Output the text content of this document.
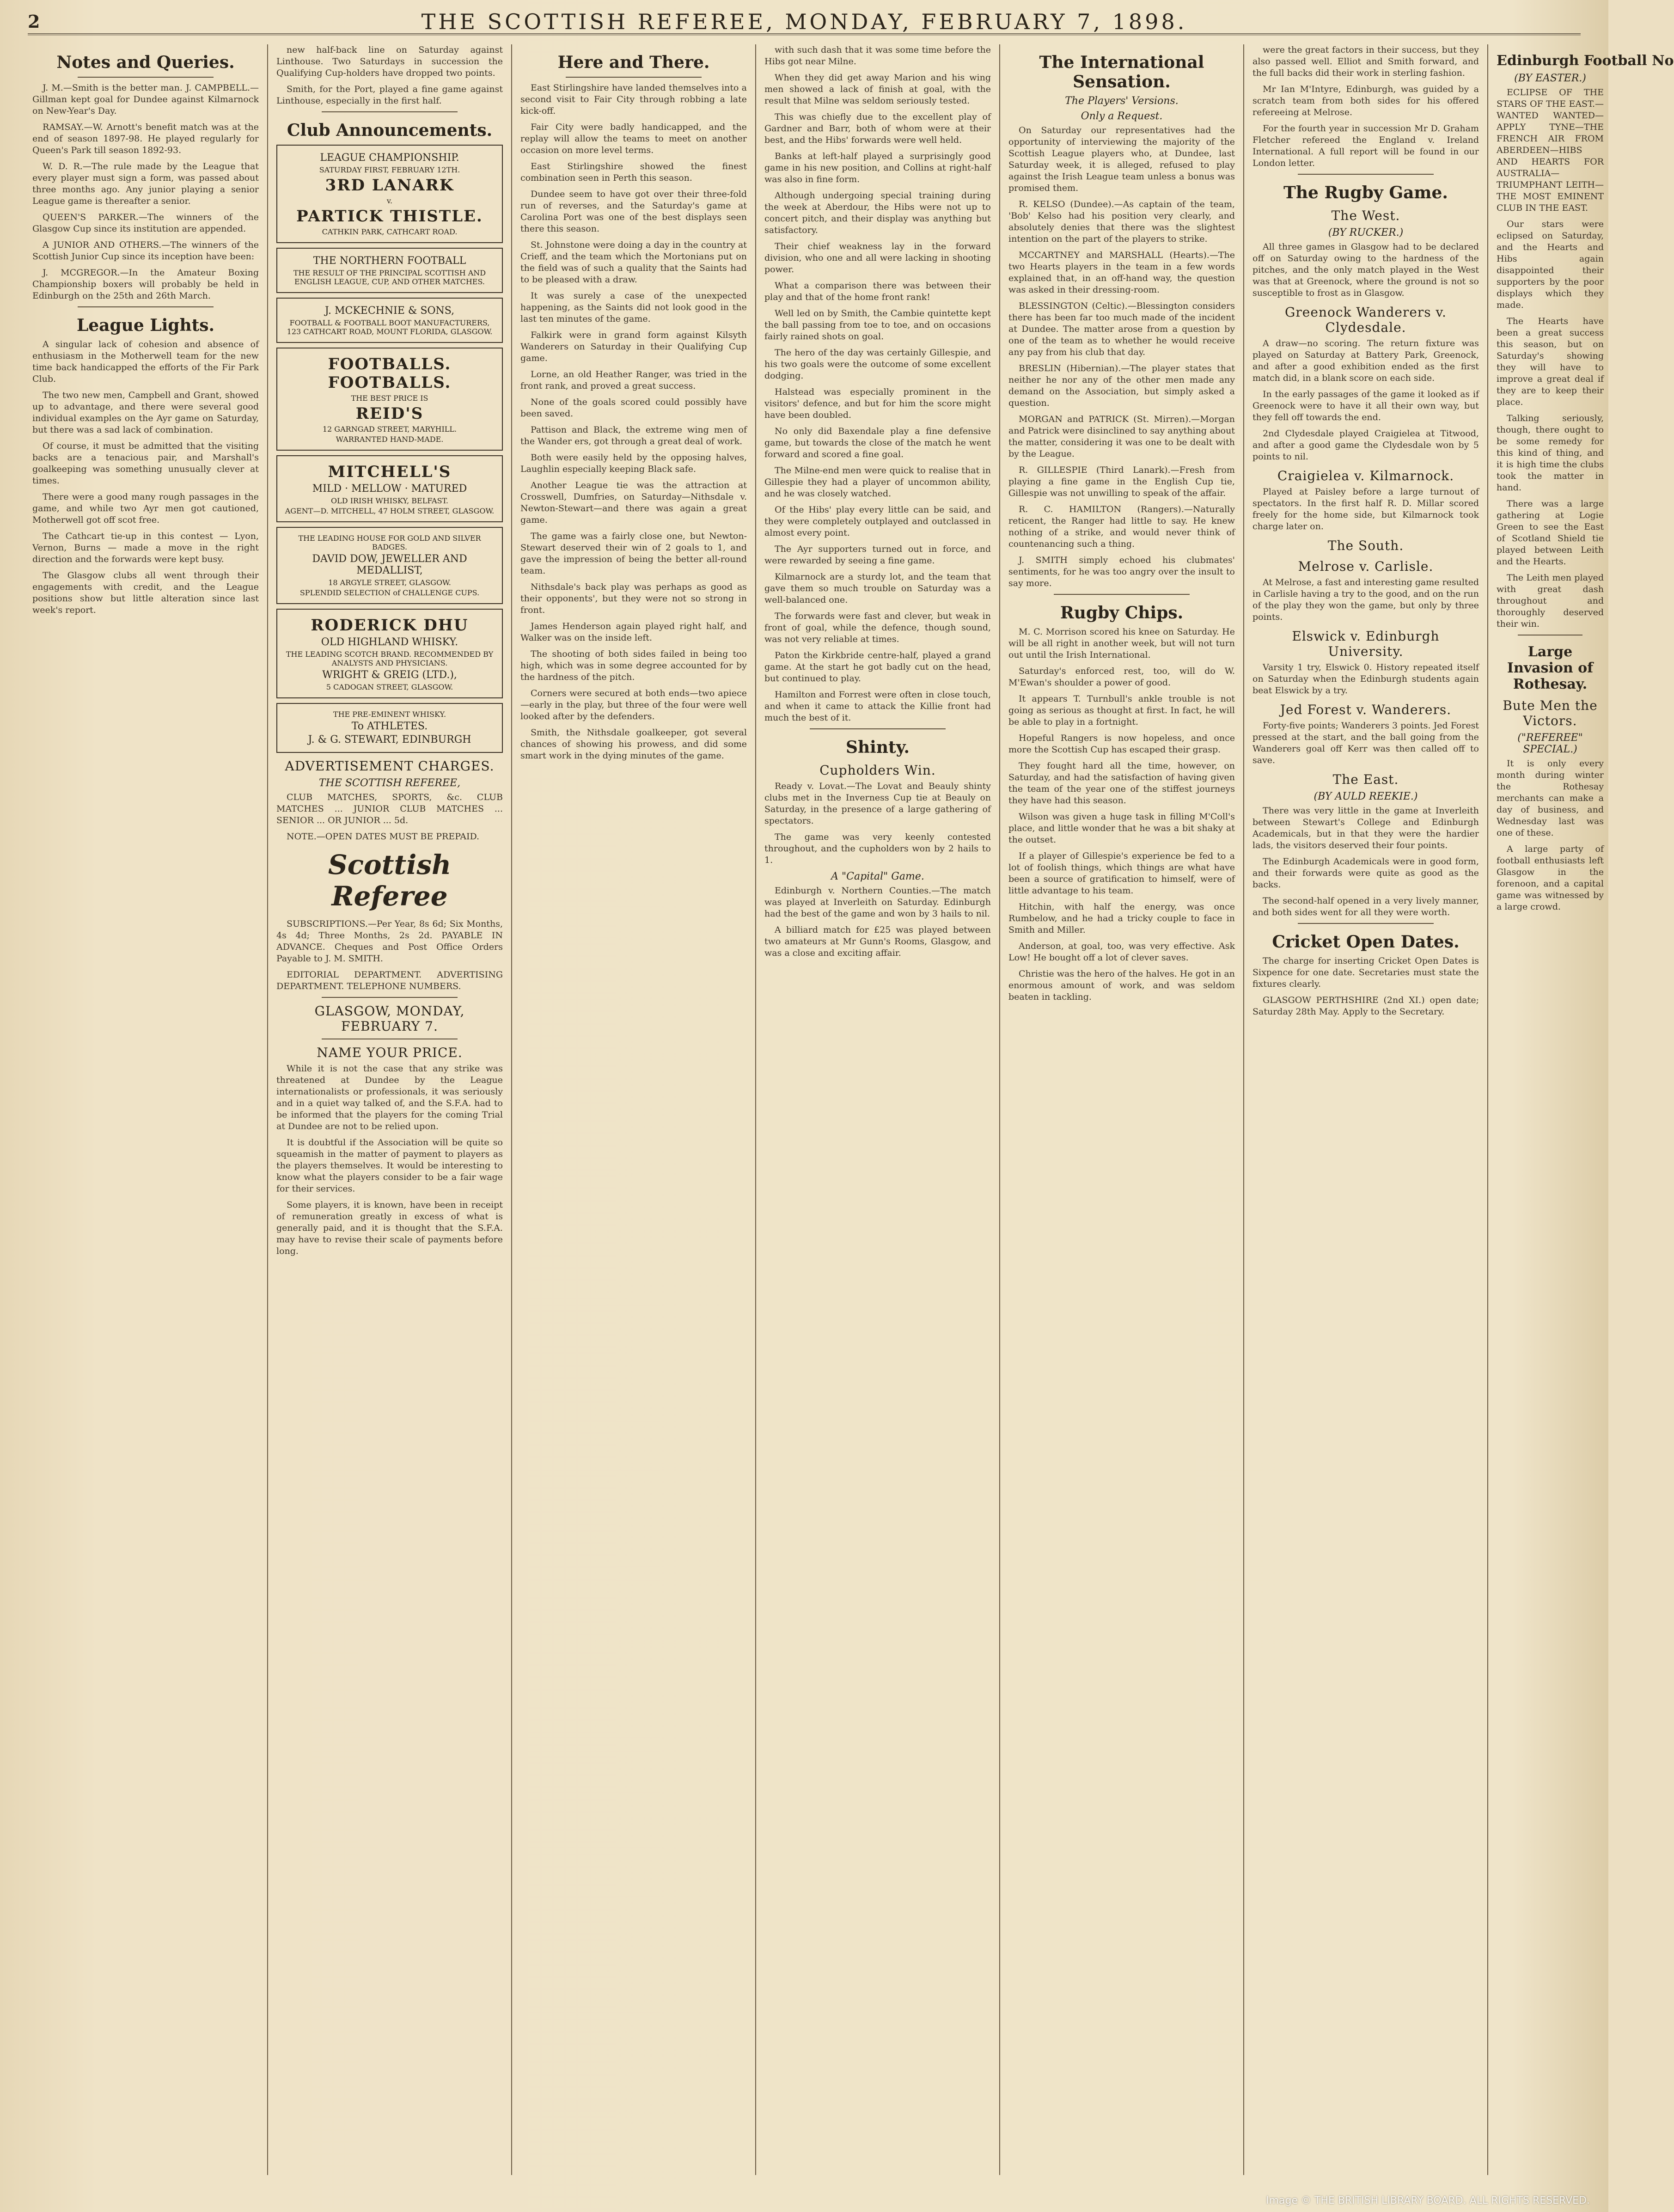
2	THE SCOTTISH REFEREE, MONDAY, FEBRUARY 7, 1898.
Notes and Queries.

J. M.—Smith is the better man. J. CAMPBELL.—Gillman kept goal for Dundee against Kilmarnock on New-Year's Day.

RAMSAY.—W. Arnott's benefit match was at the end of season 1897-98. He played regularly for Queen's Park till season 1892-93.

W. D. R.—The rule made by the League that every player must sign a form, was passed about three months ago. Any junior playing a senior League game is thereafter a senior.

QUEEN'S PARKER.—The winners of the Glasgow Cup since its institution are appended.

A JUNIOR AND OTHERS.—The winners of the Scottish Junior Cup since its inception have been:

J. MCGREGOR.—In the Amateur Boxing Championship boxers will probably be held in Edinburgh on the 25th and 26th March.

League Lights.

A singular lack of cohesion and absence of enthusiasm in the Motherwell team for the new time back handicapped the efforts of the Fir Park Club.

The two new men, Campbell and Grant, showed up to advantage, and there were several good individual examples on the Ayr game on Saturday, but there was a sad lack of combination.

Of course, it must be admitted that the visiting backs are a tenacious pair, and Marshall's goalkeeping was something unusually clever at times.

There were a good many rough passages in the game, and while two Ayr men got cautioned, Motherwell got off scot free.

The Cathcart tie-up in this contest — Lyon, Vernon, Burns — made a move in the right direction and the forwards were kept busy.

The Glasgow clubs all went through their engagements with credit, and the League positions show but little alteration since last week's report.

new half-back line on Saturday against Linthouse. Two Saturdays in succession the Qualifying Cup-holders have dropped two points.

Smith, for the Port, played a fine game against Linthouse, especially in the first half.

Club Announcements.
LEAGUE CHAMPIONSHIP.
SATURDAY FIRST, FEBRUARY 12TH.
3RD LANARK
v.
PARTICK THISTLE.
CATHKIN PARK, CATHCART ROAD.
THE NORTHERN FOOTBALL
THE RESULT OF THE PRINCIPAL SCOTTISH AND ENGLISH LEAGUE, CUP, AND OTHER MATCHES.
J. MCKECHNIE & SONS,
FOOTBALL & FOOTBALL BOOT MANUFACTURERS, 123 CATHCART ROAD, MOUNT FLORIDA, GLASGOW.
FOOTBALLS. FOOTBALLS.
THE BEST PRICE IS
REID'S
12 GARNGAD STREET, MARYHILL.
WARRANTED HAND-MADE.
MITCHELL'S
MILD · MELLOW · MATURED
OLD IRISH WHISKY, BELFAST.
AGENT—D. MITCHELL, 47 HOLM STREET, GLASGOW.
THE LEADING HOUSE FOR GOLD AND SILVER BADGES.
DAVID DOW, JEWELLER AND MEDALLIST,
18 ARGYLE STREET, GLASGOW.
SPLENDID SELECTION of CHALLENGE CUPS.
RODERICK DHU
OLD HIGHLAND WHISKY.
THE LEADING SCOTCH BRAND. RECOMMENDED BY ANALYSTS AND PHYSICIANS.
WRIGHT & GREIG (LTD.),
5 CADOGAN STREET, GLASGOW.
THE PRE-EMINENT WHISKY.
To ATHLETES.
J. & G. STEWART, EDINBURGH
ADVERTISEMENT CHARGES.
THE SCOTTISH REFEREE,

CLUB MATCHES, SPORTS, &c. CLUB MATCHES ... JUNIOR CLUB MATCHES ... SENIOR ... OR JUNIOR ... 5d.

NOTE.—OPEN DATES MUST BE PREPAID.

Scottish Referee

SUBSCRIPTIONS.—Per Year, 8s 6d; Six Months, 4s 4d; Three Months, 2s 2d. PAYABLE IN ADVANCE. Cheques and Post Office Orders Payable to J. M. SMITH.

EDITORIAL DEPARTMENT. ADVERTISING DEPARTMENT. TELEPHONE NUMBERS.

GLASGOW, MONDAY, FEBRUARY 7.
NAME YOUR PRICE.

While it is not the case that any strike was threatened at Dundee by the League internationalists or professionals, it was seriously and in a quiet way talked of, and the S.F.A. had to be informed that the players for the coming Trial at Dundee are not to be relied upon.

It is doubtful if the Association will be quite so squeamish in the matter of payment to players as the players themselves. It would be interesting to know what the players consider to be a fair wage for their services.

Some players, it is known, have been in receipt of remuneration greatly in excess of what is generally paid, and it is thought that the S.F.A. may have to revise their scale of payments before long.

Here and There.

East Stirlingshire have landed themselves into a second visit to Fair City through robbing a late kick-off.

Fair City were badly handicapped, and the replay will allow the teams to meet on another occasion on more level terms.

East Stirlingshire showed the finest combination seen in Perth this season.

Dundee seem to have got over their three-fold run of reverses, and the Saturday's game at Carolina Port was one of the best displays seen there this season.

St. Johnstone were doing a day in the country at Crieff, and the team which the Mortonians put on the field was of such a quality that the Saints had to be pleased with a draw.

It was surely a case of the unexpected happening, as the Saints did not look good in the last ten minutes of the game.

Falkirk were in grand form against Kilsyth Wanderers on Saturday in their Qualifying Cup game.

Lorne, an old Heather Ranger, was tried in the front rank, and proved a great success.

None of the goals scored could possibly have been saved.

Pattison and Black, the extreme wing men of the Wander ers, got through a great deal of work.

Both were easily held by the opposing halves, Laughlin especially keeping Black safe.

Another League tie was the attraction at Crosswell, Dumfries, on Saturday—Nithsdale v. Newton-Stewart—and there was again a great game.

The game was a fairly close one, but Newton-Stewart deserved their win of 2 goals to 1, and gave the impression of being the better all-round team.

Nithsdale's back play was perhaps as good as their opponents', but they were not so strong in front.

James Henderson again played right half, and Walker was on the inside left.

The shooting of both sides failed in being too high, which was in some degree accounted for by the hardness of the pitch.

Corners were secured at both ends—two apiece—early in the play, but three of the four were well looked after by the defenders.

Smith, the Nithsdale goalkeeper, got several chances of showing his prowess, and did some smart work in the dying minutes of the game.

with such dash that it was some time before the Hibs got near Milne.

When they did get away Marion and his wing men showed a lack of finish at goal, with the result that Milne was seldom seriously tested.

This was chiefly due to the excellent play of Gardner and Barr, both of whom were at their best, and the Hibs' forwards were well held.

Banks at left-half played a surprisingly good game in his new position, and Collins at right-half was also in fine form.

Although undergoing special training during the week at Aberdour, the Hibs were not up to concert pitch, and their display was anything but satisfactory.

Their chief weakness lay in the forward division, who one and all were lacking in shooting power.

What a comparison there was between their play and that of the home front rank!

Well led on by Smith, the Cambie quintette kept the ball passing from toe to toe, and on occasions fairly rained shots on goal.

The hero of the day was certainly Gillespie, and his two goals were the outcome of some excellent dodging.

Halstead was especially prominent in the visitors' defence, and but for him the score might have been doubled.

No only did Baxendale play a fine defensive game, but towards the close of the match he went forward and scored a fine goal.

The Milne-end men were quick to realise that in Gillespie they had a player of uncommon ability, and he was closely watched.

Of the Hibs' play every little can be said, and they were completely outplayed and outclassed in almost every point.

The Ayr supporters turned out in force, and were rewarded by seeing a fine game.

Kilmarnock are a sturdy lot, and the team that gave them so much trouble on Saturday was a well-balanced one.

The forwards were fast and clever, but weak in front of goal, while the defence, though sound, was not very reliable at times.

Paton the Kirkbride centre-half, played a grand game. At the start he got badly cut on the head, but continued to play.

Hamilton and Forrest were often in close touch, and when it came to attack the Killie front had much the best of it.

Shinty.
Cupholders Win.

Ready v. Lovat.—The Lovat and Beauly shinty clubs met in the Inverness Cup tie at Beauly on Saturday, in the presence of a large gathering of spectators.

The game was very keenly contested throughout, and the cupholders won by 2 hails to 1.

A "Capital" Game.

Edinburgh v. Northern Counties.—The match was played at Inverleith on Saturday. Edinburgh had the best of the game and won by 3 hails to nil.

A billiard match for £25 was played between two amateurs at Mr Gunn's Rooms, Glasgow, and was a close and exciting affair.

The International Sensation.
The Players' Versions.
Only a Request.

On Saturday our representatives had the opportunity of interviewing the majority of the Scottish League players who, at Dundee, last Saturday week, it is alleged, refused to play against the Irish League team unless a bonus was promised them.

R. KELSO (Dundee).—As captain of the team, 'Bob' Kelso had his position very clearly, and absolutely denies that there was the slightest intention on the part of the players to strike.

MCCARTNEY and MARSHALL (Hearts).—The two Hearts players in the team in a few words explained that, in an off-hand way, the question was asked in their dressing-room.

BLESSINGTON (Celtic).—Blessington considers there has been far too much made of the incident at Dundee. The matter arose from a question by one of the team as to whether he would receive any pay from his club that day.

BRESLIN (Hibernian).—The player states that neither he nor any of the other men made any demand on the Association, but simply asked a question.

MORGAN and PATRICK (St. Mirren).—Morgan and Patrick were disinclined to say anything about the matter, considering it was one to be dealt with by the League.

R. GILLESPIE (Third Lanark).—Fresh from playing a fine game in the English Cup tie, Gillespie was not unwilling to speak of the affair.

R. C. HAMILTON (Rangers).—Naturally reticent, the Ranger had little to say. He knew nothing of a strike, and would never think of countenancing such a thing.

J. SMITH simply echoed his clubmates' sentiments, for he was too angry over the insult to say more.

Rugby Chips.

M. C. Morrison scored his knee on Saturday. He will be all right in another week, but will not turn out until the Irish International.

Saturday's enforced rest, too, will do W. M'Ewan's shoulder a power of good.

It appears T. Turnbull's ankle trouble is not going as serious as thought at first. In fact, he will be able to play in a fortnight.

Hopeful Rangers is now hopeless, and once more the Scottish Cup has escaped their grasp.

They fought hard all the time, however, on Saturday, and had the satisfaction of having given the team of the year one of the stiffest journeys they have had this season.

Wilson was given a huge task in filling M'Coll's place, and little wonder that he was a bit shaky at the outset.

If a player of Gillespie's experience be fed to a lot of foolish things, which things are what have been a source of gratification to himself, were of little advantage to his team.

Hitchin, with half the energy, was once Rumbelow, and he had a tricky couple to face in Smith and Miller.

Anderson, at goal, too, was very effective. Ask Low! He bought off a lot of clever saves.

Christie was the hero of the halves. He got in an enormous amount of work, and was seldom beaten in tackling.

were the great factors in their success, but they also passed well. Elliot and Smith forward, and the full backs did their work in sterling fashion.

Mr Ian M'Intyre, Edinburgh, was guided by a scratch team from both sides for his offered refereeing at Melrose.

For the fourth year in succession Mr D. Graham Fletcher refereed the England v. Ireland International. A full report will be found in our London letter.

The Rugby Game.
The West.
(BY RUCKER.)

All three games in Glasgow had to be declared off on Saturday owing to the hardness of the pitches, and the only match played in the West was that at Greenock, where the ground is not so susceptible to frost as in Glasgow.

Greenock Wanderers v. Clydesdale.

A draw—no scoring. The return fixture was played on Saturday at Battery Park, Greenock, and after a good exhibition ended as the first match did, in a blank score on each side.

In the early passages of the game it looked as if Greenock were to have it all their own way, but they fell off towards the end.

2nd Clydesdale played Craigielea at Titwood, and after a good game the Clydesdale won by 5 points to nil.

Craigielea v. Kilmarnock.

Played at Paisley before a large turnout of spectators. In the first half R. D. Millar scored freely for the home side, but Kilmarnock took charge later on.

The South.
Melrose v. Carlisle.

At Melrose, a fast and interesting game resulted in Carlisle having a try to the good, and on the run of the play they won the game, but only by three points.

Elswick v. Edinburgh University.

Varsity 1 try, Elswick 0. History repeated itself on Saturday when the Edinburgh students again beat Elswick by a try.

Jed Forest v. Wanderers.

Forty-five points; Wanderers 3 points. Jed Forest pressed at the start, and the ball going from the Wanderers goal off Kerr was then called off to save.

The East.
(BY AULD REEKIE.)

There was very little in the game at Inverleith between Stewart's College and Edinburgh Academicals, but in that they were the hardier lads, the visitors deserved their four points.

The Edinburgh Academicals were in good form, and their forwards were quite as good as the backs.

The second-half opened in a very lively manner, and both sides went for all they were worth.

Cricket Open Dates.

The charge for inserting Cricket Open Dates is Sixpence for one date. Secretaries must state the fixtures clearly.

GLASGOW PERTHSHIRE (2nd XI.) open date; Saturday 28th May. Apply to the Secretary.

Edinburgh Football No
(BY EASTER.)

ECLIPSE OF THE STARS OF THE EAST.—WANTED WANTED—APPLY TYNE—THE FRENCH AIR FROM ABERDEEN—HIBS AND HEARTS FOR AUSTRALIA—TRIUMPHANT LEITH—THE MOST EMINENT CLUB IN THE EAST.

Our stars were eclipsed on Saturday, and the Hearts and Hibs again disappointed their supporters by the poor displays which they made.

The Hearts have been a great success this season, but on Saturday's showing they will have to improve a great deal if they are to keep their place.

Talking seriously, though, there ought to be some remedy for this kind of thing, and it is high time the clubs took the matter in hand.

There was a large gathering at Logie Green to see the East of Scotland Shield tie played between Leith and the Hearts.

The Leith men played with great dash throughout and thoroughly deserved their win.

Large Invasion of Rothesay.
Bute Men the Victors.
("REFEREE" SPECIAL.)

It is only every month during winter the Rothesay merchants can make a day of business, and Wednesday last was one of these.

A large party of football enthusiasts left Glasgow in the forenoon, and a capital game was witnessed by a large crowd.

Image © THE BRITISH LIBRARY BOARD. ALL RIGHTS RESERVED.
